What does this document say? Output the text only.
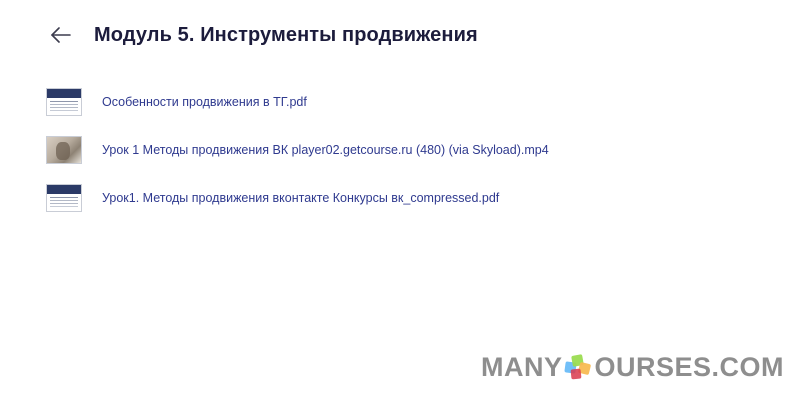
Модуль 5. Инструменты продвижения
Особенности продвижения в ТГ.pdf
Урок 1 Методы продвижения ВК player02.getcourse.ru (480) (via Skyload).mp4
Урок1. Методы продвижения вконтакте Конкурсы вк_compressed.pdf
MANY OURSES.COM
